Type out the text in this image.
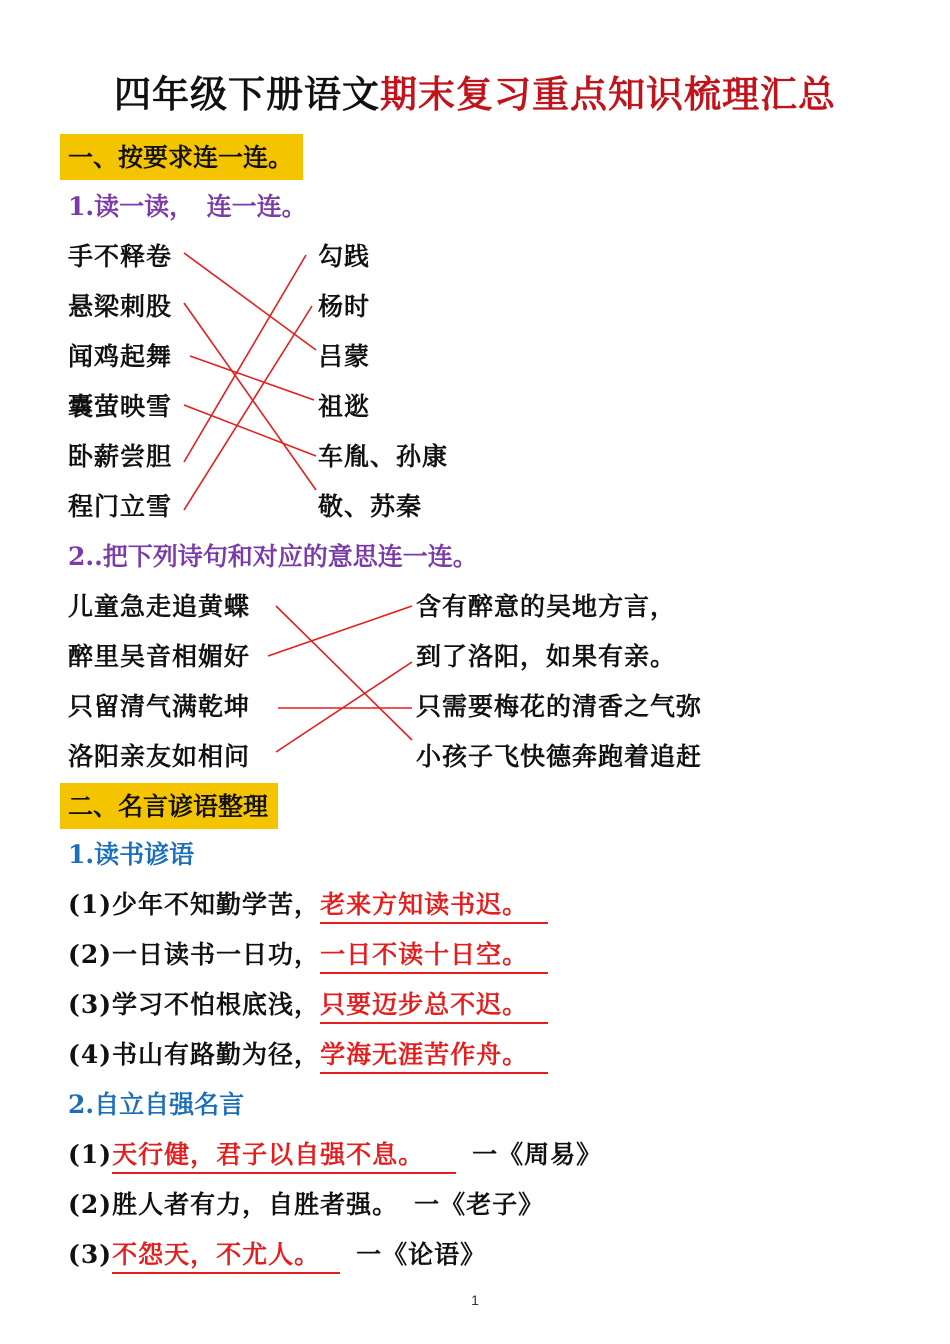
四年级下册语文期末复习重点知识梳理汇总
一、按要求连一连。
1.读一读，　连一连。
手不释卷
悬梁刺股
闻鸡起舞
囊萤映雪
卧薪尝胆
程门立雪
勾践
杨时
吕蒙
祖逖
车胤、孙康
敬、苏秦
2..把下列诗句和对应的意思连一连。
儿童急走追黄蝶
醉里吴音相媚好
只留清气满乾坤
洛阳亲友如相问
含有醉意的吴地方言，
到了洛阳，如果有亲。
只需要梅花的清香之气弥
小孩子飞快德奔跑着追赶
二、名言谚语整理
1.读书谚语
(1)少年不知勤学苦，老来方知读书迟。
(2)一日读书一日功，一日不读十日空。
(3)学习不怕根底浅，只要迈步总不迟。
(4)书山有路勤为径，学海无涯苦作舟。
2.自立自强名言
(1)天行健，君子以自强不息。 一《周易》
(2)胜人者有力，自胜者强。 一《老子》
(3)不怨天，不尤人。 一《论语》
1
